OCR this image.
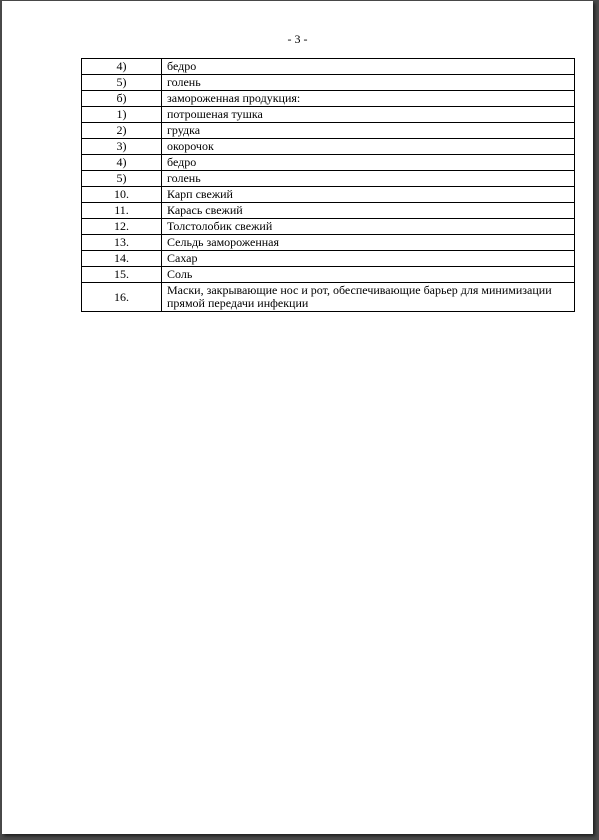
- 3 -
4)	бедро
5)	голень
б)	замороженная продукция:
1)	потрошеная тушка
2)	грудка
3)	окорочок
4)	бедро
5)	голень
10.	Карп свежий
11.	Карась свежий
12.	Толстолобик свежий
13.	Сельдь замороженная
14.	Сахар
15.	Соль
16.	Маски, закрывающие нос и рот, обеспечивающие барьер для минимизации прямой передачи инфекции
